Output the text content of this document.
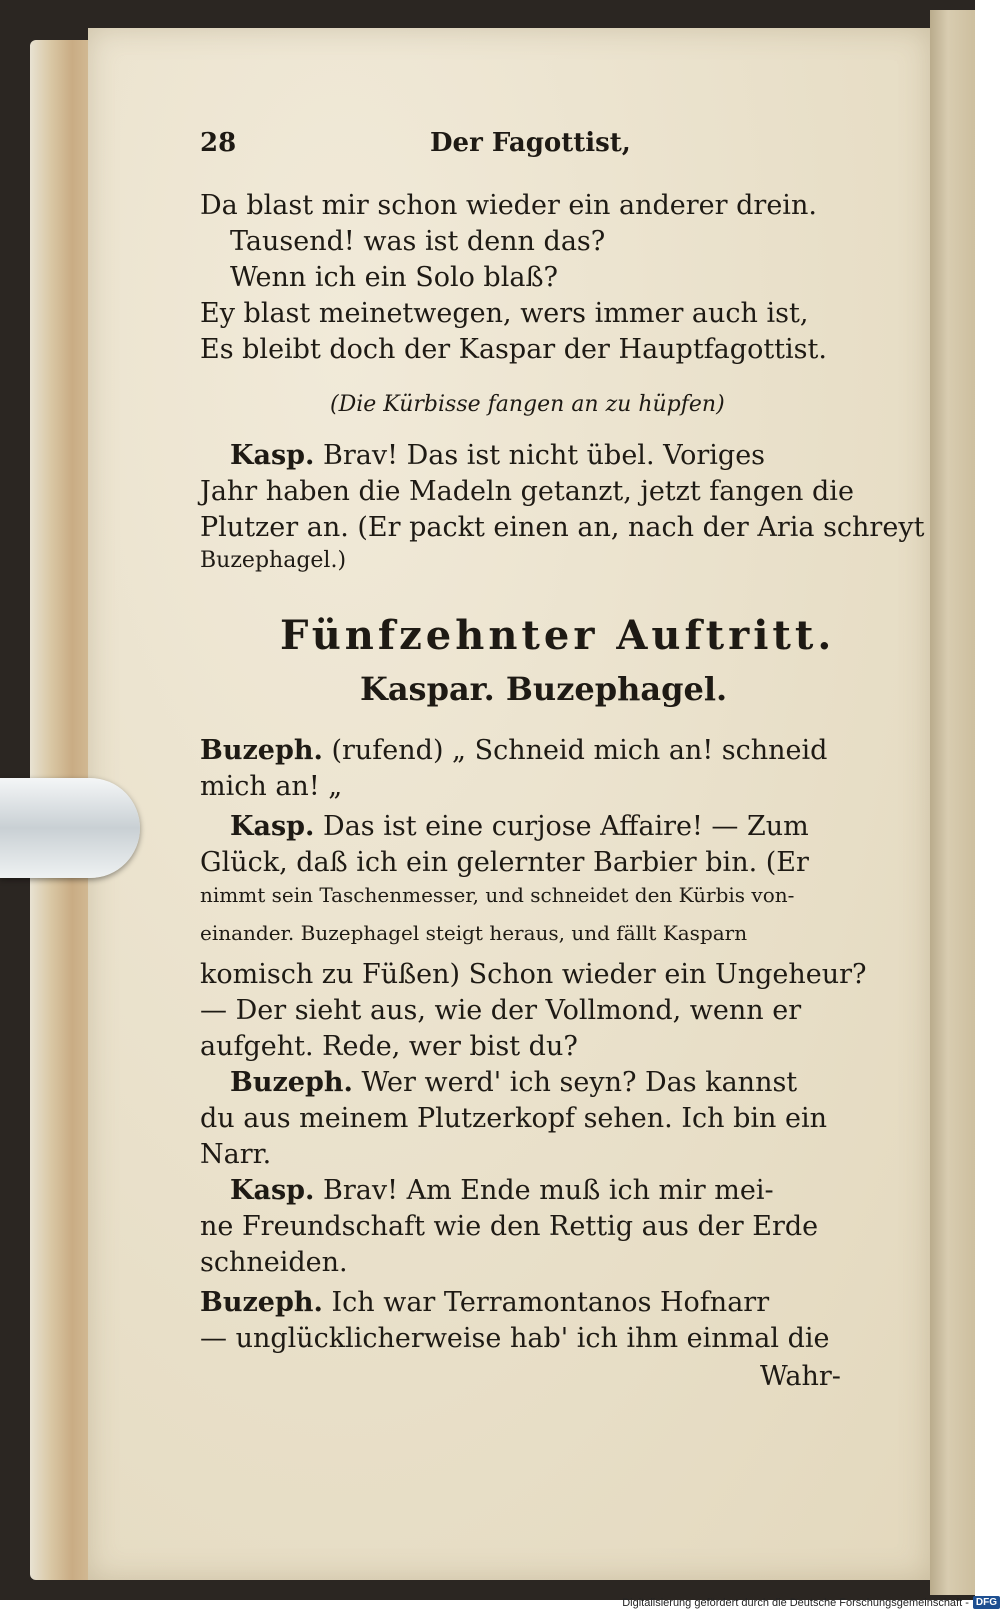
28	Der Fagottist,
Da blast mir schon wieder ein anderer drein.
Tausend! was ist denn das?
Wenn ich ein Solo blaß?
Ey blast meinetwegen, wers immer auch ist,
Es bleibt doch der Kaspar der Hauptfagottist.
(Die Kürbisse fangen an zu hüpfen)
Kasp. Brav! Das ist nicht übel. Voriges
Jahr haben die Madeln getanzt, jetzt fangen die
Plutzer an. (Er packt einen an, nach der Aria schreyt
Buzephagel.)
Fünfzehnter Auftritt.
Kaspar. Buzephagel.
Buzeph. (rufend) „ Schneid mich an! schneid
mich an! „
Kasp. Das ist eine curjose Affaire! — Zum
Glück, daß ich ein gelernter Barbier bin. (Er
nimmt sein Taschenmesser, und schneidet den Kürbis von-
einander. Buzephagel steigt heraus, und fällt Kasparn
komisch zu Füßen) Schon wieder ein Ungeheur?
— Der sieht aus, wie der Vollmond, wenn er
aufgeht. Rede, wer bist du?
Buzeph. Wer werd' ich seyn? Das kannst
du aus meinem Plutzerkopf sehen. Ich bin ein
Narr.
Kasp. Brav! Am Ende muß ich mir mei-
ne Freundschaft wie den Rettig aus der Erde
schneiden.
Buzeph. Ich war Terramontanos Hofnarr
— unglücklicherweise hab' ich ihm einmal die
Wahr-
Digitalisierung gefördert durch die Deutsche Forschungsgemeinschaft - DFG
